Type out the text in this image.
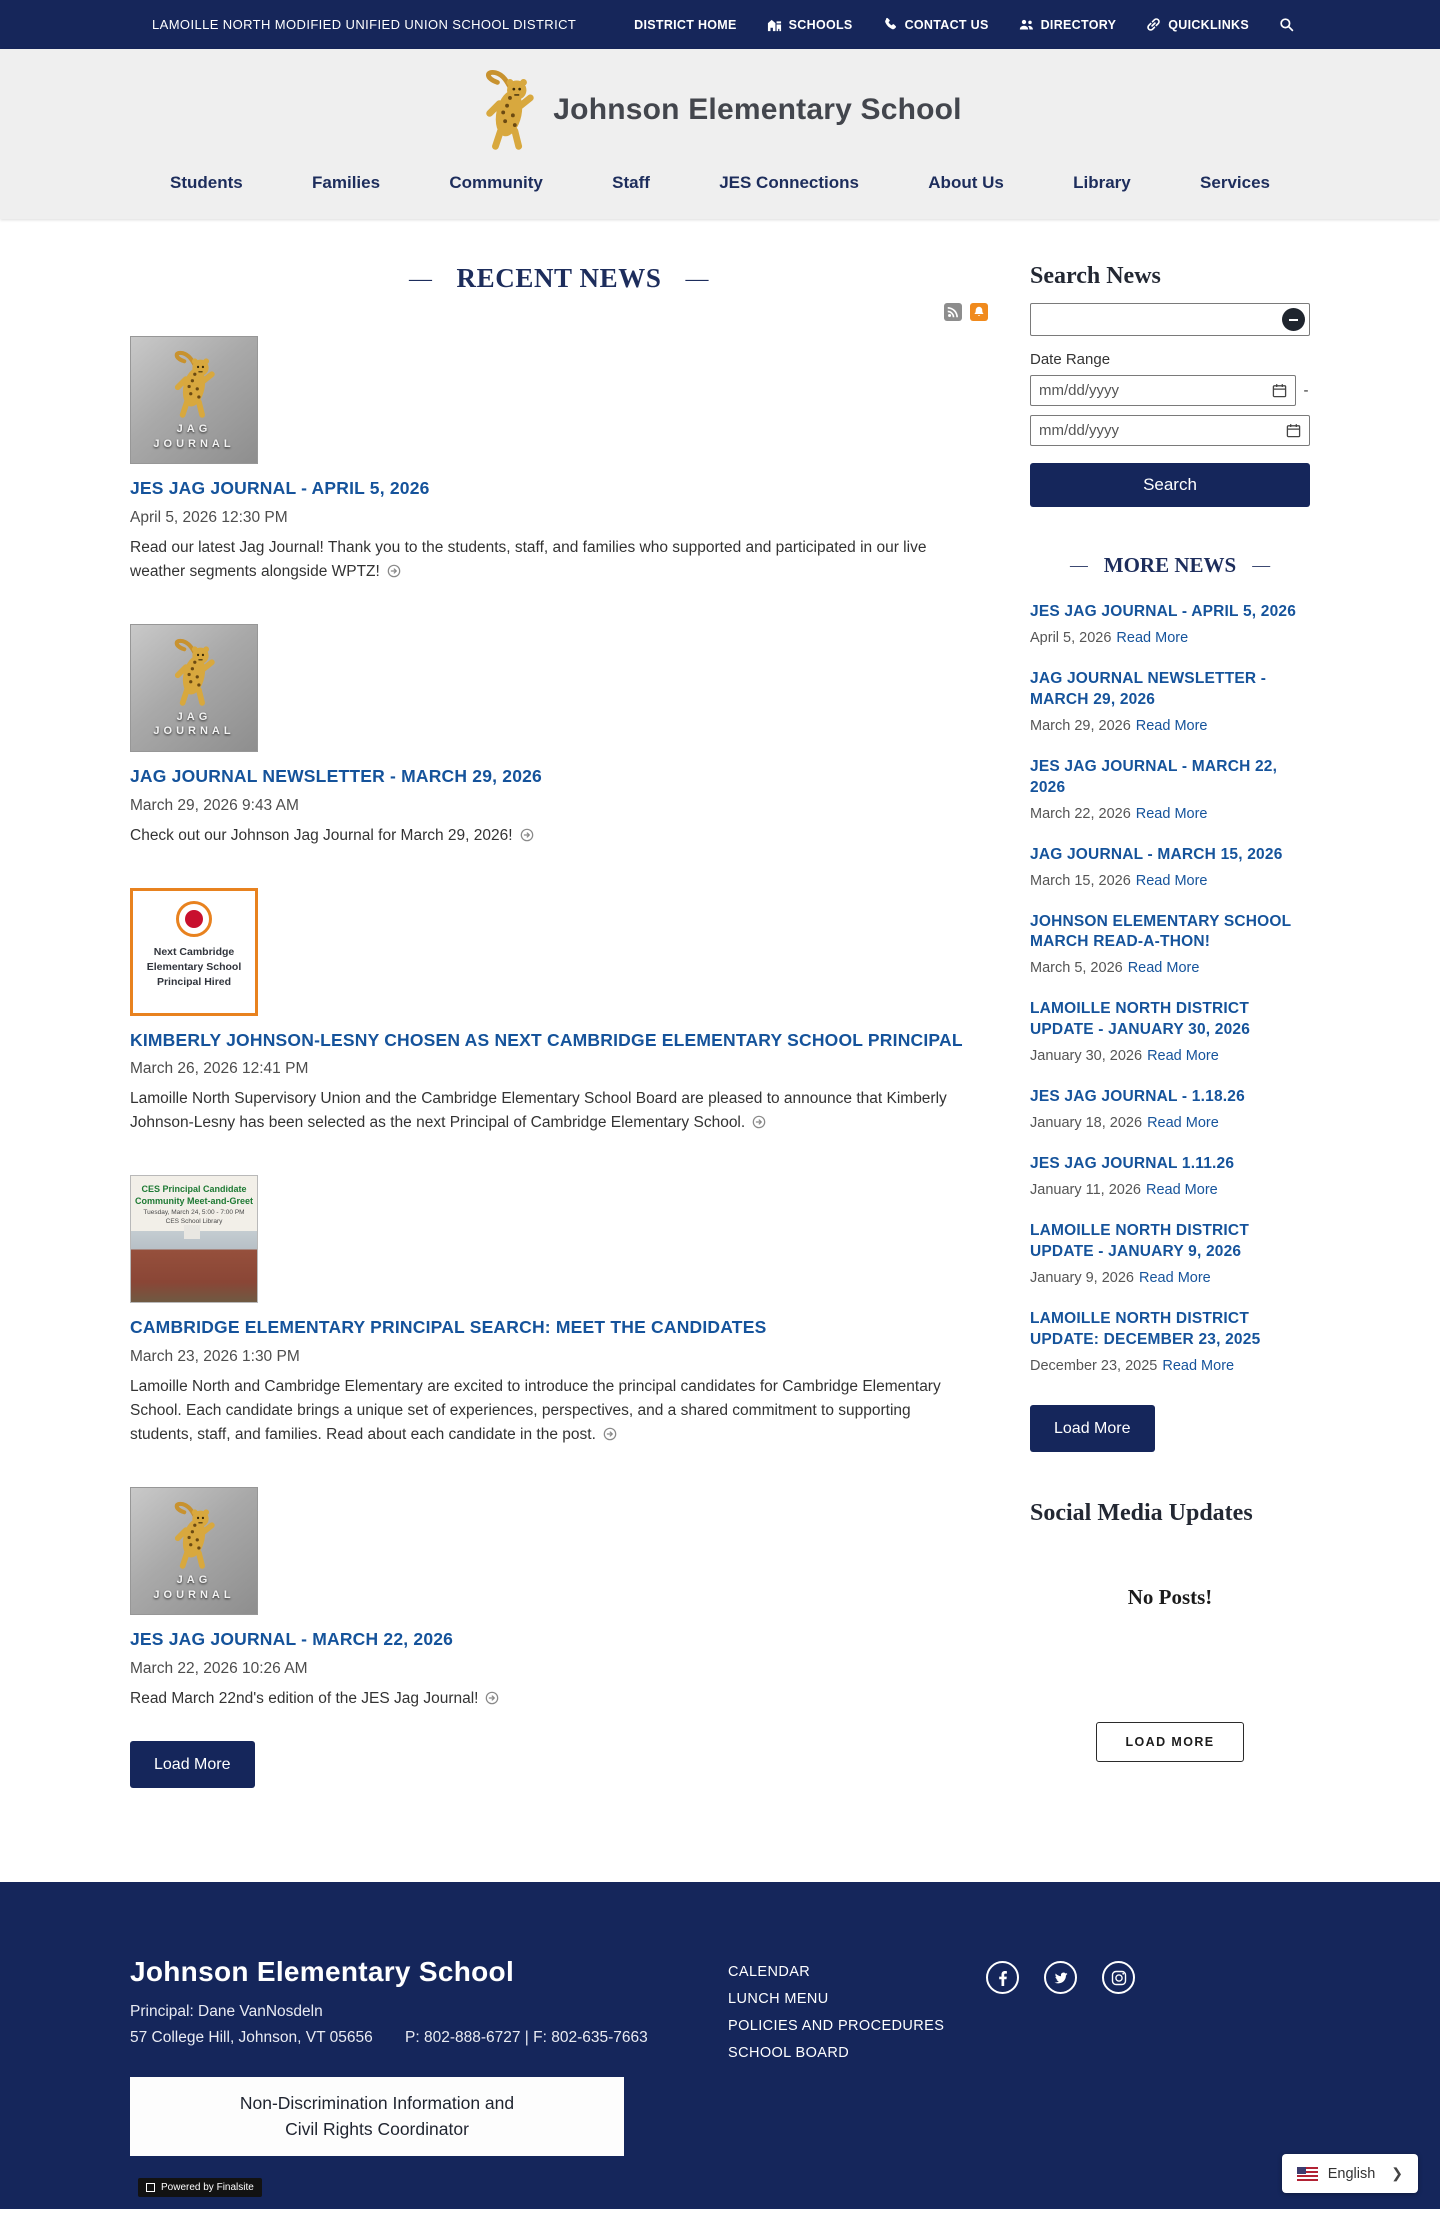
LAMOILLE NORTH MODIFIED UNIFIED UNION SCHOOL DISTRICT	DISTRICT HOME	SCHOOLS	CONTACT US	DIRECTORY	QUICKLINKS
Johnson Elementary School
Students	Families	Community	Staff	JES Connections	About Us	Library	Services
— RECENT NEWS —
JAG
JOURNAL
JES JAG JOURNAL - APRIL 5, 2026
April 5, 2026 12:30 PM

Read our latest Jag Journal! Thank you to the students, staff, and families who supported and participated in our live weather segments alongside WPTZ!

JAG
JOURNAL
JAG JOURNAL NEWSLETTER - MARCH 29, 2026
March 29, 2026 9:43 AM

Check out our Johnson Jag Journal for March 29, 2026!

Next Cambridge
Elementary School
Principal Hired
KIMBERLY JOHNSON-LESNY CHOSEN AS NEXT CAMBRIDGE ELEMENTARY SCHOOL PRINCIPAL
March 26, 2026 12:41 PM

Lamoille North Supervisory Union and the Cambridge Elementary School Board are pleased to announce that Kimberly Johnson-Lesny has been selected as the next Principal of Cambridge Elementary School.

CES Principal Candidate
Community Meet-and-Greet
Tuesday, March 24, 5:00 - 7:00 PM
CES School Library
CAMBRIDGE ELEMENTARY PRINCIPAL SEARCH: MEET THE CANDIDATES
March 23, 2026 1:30 PM

Lamoille North and Cambridge Elementary are excited to introduce the principal candidates for Cambridge Elementary School. Each candidate brings a unique set of experiences, perspectives, and a shared commitment to supporting students, staff, and families. Read about each candidate in the post.

JAG
JOURNAL
JES JAG JOURNAL - MARCH 22, 2026
March 22, 2026 10:26 AM

Read March 22nd's edition of the JES Jag Journal!

Load More
Search News
Date Range
mm/dd/yyyy	-
mm/dd/yyyy
Search
— MORE NEWS —
JES JAG JOURNAL - APRIL 5, 2026
April 5, 2026 Read More
JAG JOURNAL NEWSLETTER - MARCH 29, 2026
March 29, 2026 Read More
JES JAG JOURNAL - MARCH 22, 2026
March 22, 2026 Read More
JAG JOURNAL - MARCH 15, 2026
March 15, 2026 Read More
JOHNSON ELEMENTARY SCHOOL MARCH READ-A-THON!
March 5, 2026 Read More
LAMOILLE NORTH DISTRICT UPDATE - JANUARY 30, 2026
January 30, 2026 Read More
JES JAG JOURNAL - 1.18.26
January 18, 2026 Read More
JES JAG JOURNAL 1.11.26
January 11, 2026 Read More
LAMOILLE NORTH DISTRICT UPDATE - JANUARY 9, 2026
January 9, 2026 Read More
LAMOILLE NORTH DISTRICT UPDATE: DECEMBER 23, 2025
December 23, 2025 Read More
Load More
Social Media Updates
No Posts!
LOAD MORE
Johnson Elementary School

Principal: Dane VanNosdeln

57 College Hill, Johnson, VT 05656 P: 802-888-6727 | F: 802-635-7663

Non-Discrimination Information and
Civil Rights Coordinator
CALENDAR
LUNCH MENU
POLICIES AND PROCEDURES
SCHOOL BOARD
Powered by Finalsite
English ❯
